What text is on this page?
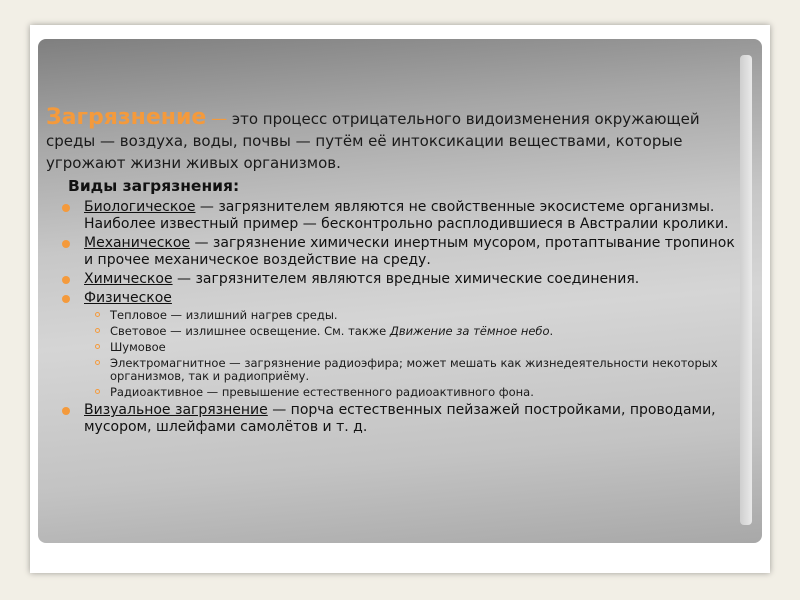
Загрязнение — это процесс отрицательного видоизменения окружающей среды — воздуха, воды, почвы — путём её интоксикации веществами, которые угрожают жизни живых организмов.
Виды загрязнения:
Биологическое — загрязнителем являются не свойственные экосистеме организмы. Наиболее известный пример — бесконтрольно расплодившиеся в Австралии кролики.
Механическое — загрязнение химически инертным мусором, протаптывание тропинок и прочее механическое воздействие на среду.
Химическое — загрязнителем являются вредные химические соединения.
Физическое
Тепловое — излишний нагрев среды.
Световое — излишнее освещение. См. также Движение за тёмное небо.
Шумовое
Электромагнитное — загрязнение радиоэфира; может мешать как жизнедеятельности некоторых организмов, так и радиоприёму.
Радиоактивное — превышение естественного радиоактивного фона.
Визуальное загрязнение — порча естественных пейзажей постройками, проводами, мусором, шлейфами самолётов и т. д.
